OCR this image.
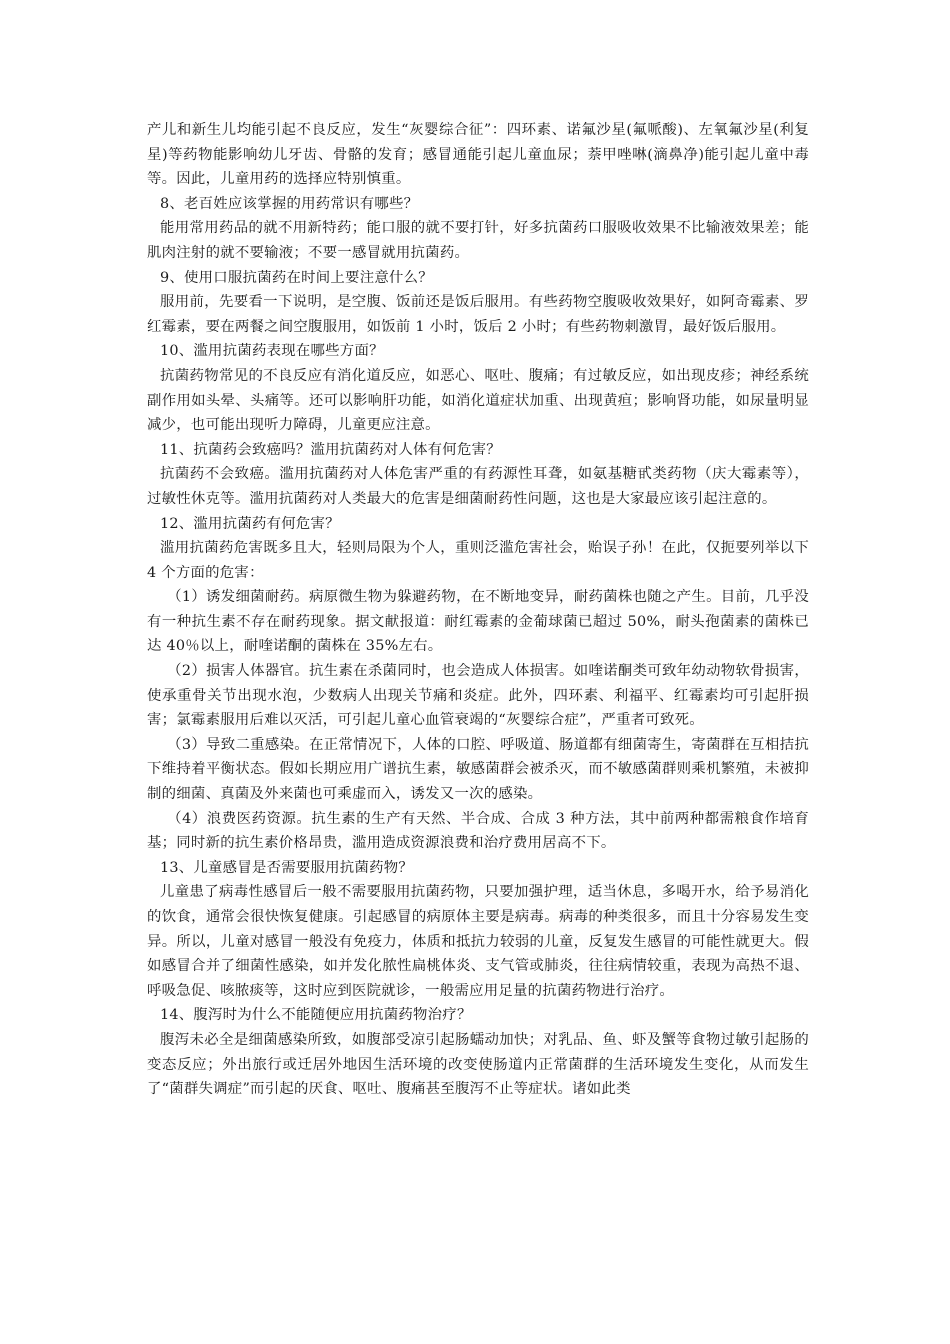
产儿和新生儿均能引起不良反应，发生“灰婴综合征”：四环素、诺氟沙星(氟哌酸)、左氧氟沙星(利复星)等药物能影响幼儿牙齿、骨骼的发育；感冒通能引起儿童血尿；萘甲唑啉(滴鼻净)能引起儿童中毒等。因此，儿童用药的选择应特别慎重。

8、老百姓应该掌握的用药常识有哪些？

能用常用药品的就不用新特药；能口服的就不要打针，好多抗菌药口服吸收效果不比输液效果差；能肌肉注射的就不要输液；不要一感冒就用抗菌药。

9、使用口服抗菌药在时间上要注意什么？

服用前，先要看一下说明，是空腹、饭前还是饭后服用。有些药物空腹吸收效果好，如阿奇霉素、罗红霉素，要在两餐之间空腹服用，如饭前 1 小时，饭后 2 小时；有些药物刺激胃，最好饭后服用。

10、滥用抗菌药表现在哪些方面？

抗菌药物常见的不良反应有消化道反应，如恶心、呕吐、腹痛；有过敏反应，如出现皮疹；神经系统副作用如头晕、头痛等。还可以影响肝功能，如消化道症状加重、出现黄疸；影响肾功能，如尿量明显减少，也可能出现听力障碍，儿童更应注意。

11、抗菌药会致癌吗？滥用抗菌药对人体有何危害？

抗菌药不会致癌。滥用抗菌药对人体危害严重的有药源性耳聋，如氨基糖甙类药物（庆大霉素等），过敏性休克等。滥用抗菌药对人类最大的危害是细菌耐药性问题，这也是大家最应该引起注意的。

12、滥用抗菌药有何危害？

滥用抗菌药危害既多且大，轻则局限为个人，重则泛滥危害社会，贻误子孙！在此，仅扼要列举以下 4 个方面的危害：

（1）诱发细菌耐药。病原微生物为躲避药物，在不断地变异，耐药菌株也随之产生。目前，几乎没有一种抗生素不存在耐药现象。据文献报道：耐红霉素的金葡球菌已超过 50%，耐头孢菌素的菌株已达 40％以上，耐喹诺酮的菌株在 35%左右。

（2）损害人体器官。抗生素在杀菌同时，也会造成人体损害。如喹诺酮类可致年幼动物软骨损害，使承重骨关节出现水泡，少数病人出现关节痛和炎症。此外，四环素、利福平、红霉素均可引起肝损害；氯霉素服用后难以灭活，可引起儿童心血管衰竭的“灰婴综合症”，严重者可致死。

（3）导致二重感染。在正常情况下，人体的口腔、呼吸道、肠道都有细菌寄生，寄菌群在互相拮抗下维持着平衡状态。假如长期应用广谱抗生素，敏感菌群会被杀灭，而不敏感菌群则乘机繁殖，未被抑制的细菌、真菌及外来菌也可乘虚而入，诱发又一次的感染。

（4）浪费医药资源。抗生素的生产有天然、半合成、合成 3 种方法，其中前两种都需粮食作培育基；同时新的抗生素价格昂贵，滥用造成资源浪费和治疗费用居高不下。

13、儿童感冒是否需要服用抗菌药物？

儿童患了病毒性感冒后一般不需要服用抗菌药物，只要加强护理，适当休息，多喝开水，给予易消化的饮食，通常会很快恢复健康。引起感冒的病原体主要是病毒。病毒的种类很多，而且十分容易发生变异。所以，儿童对感冒一般没有免疫力，体质和抵抗力较弱的儿童，反复发生感冒的可能性就更大。假如感冒合并了细菌性感染，如并发化脓性扁桃体炎、支气管或肺炎，往往病情较重，表现为高热不退、呼吸急促、咳脓痰等，这时应到医院就诊，一般需应用足量的抗菌药物进行治疗。

14、腹泻时为什么不能随便应用抗菌药物治疗？

腹泻未必全是细菌感染所致，如腹部受凉引起肠蠕动加快；对乳品、鱼、虾及蟹等食物过敏引起肠的变态反应；外出旅行或迁居外地因生活环境的改变使肠道内正常菌群的生活环境发生变化，从而发生了“菌群失调症”而引起的厌食、呕吐、腹痛甚至腹泻不止等症状。诸如此类
